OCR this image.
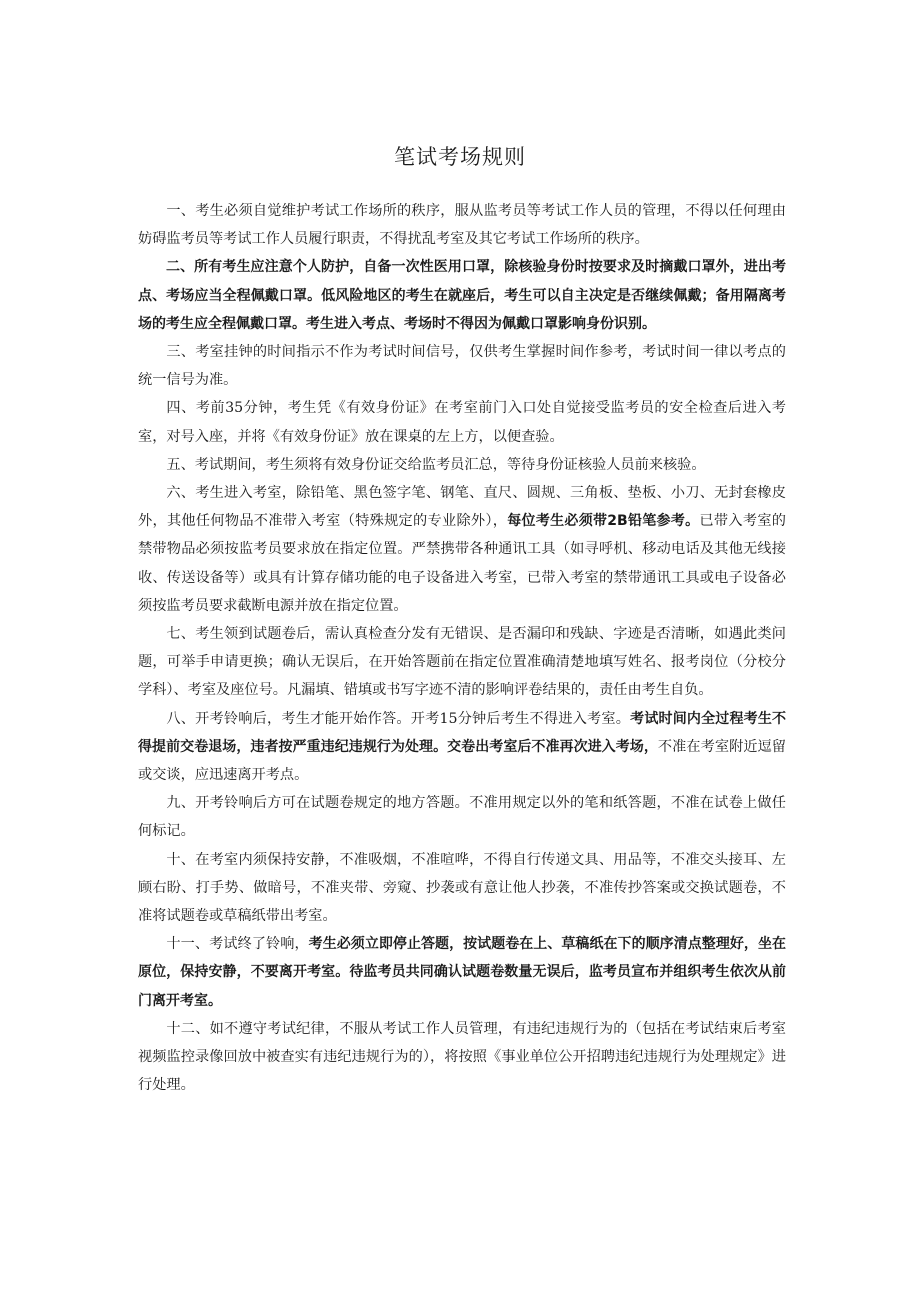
笔试考场规则

一、考生必须自觉维护考试工作场所的秩序，服从监考员等考试工作人员的管理，不得以任何理由妨碍监考员等考试工作人员履行职责，不得扰乱考室及其它考试工作场所的秩序。

二、所有考生应注意个人防护，自备一次性医用口罩，除核验身份时按要求及时摘戴口罩外，进出考点、考场应当全程佩戴口罩。低风险地区的考生在就座后，考生可以自主决定是否继续佩戴；备用隔离考场的考生应全程佩戴口罩。考生进入考点、考场时不得因为佩戴口罩影响身份识别。

三、考室挂钟的时间指示不作为考试时间信号，仅供考生掌握时间作参考，考试时间一律以考点的统一信号为准。

四、考前35分钟，考生凭《有效身份证》在考室前门入口处自觉接受监考员的安全检查后进入考室，对号入座，并将《有效身份证》放在课桌的左上方，以便查验。

五、考试期间，考生须将有效身份证交给监考员汇总，等待身份证核验人员前来核验。

六、考生进入考室，除铅笔、黑色签字笔、钢笔、直尺、圆规、三角板、垫板、小刀、无封套橡皮外，其他任何物品不准带入考室（特殊规定的专业除外），每位考生必须带2B铅笔参考。已带入考室的禁带物品必须按监考员要求放在指定位置。严禁携带各种通讯工具（如寻呼机、移动电话及其他无线接收、传送设备等）或具有计算存储功能的电子设备进入考室，已带入考室的禁带通讯工具或电子设备必须按监考员要求截断电源并放在指定位置。

七、考生领到试题卷后，需认真检查分发有无错误、是否漏印和残缺、字迹是否清晰，如遇此类问题，可举手申请更换；确认无误后，在开始答题前在指定位置准确清楚地填写姓名、报考岗位（分校分学科）、考室及座位号。凡漏填、错填或书写字迹不清的影响评卷结果的，责任由考生自负。

八、开考铃响后，考生才能开始作答。开考15分钟后考生不得进入考室。考试时间内全过程考生不得提前交卷退场，违者按严重违纪违规行为处理。交卷出考室后不准再次进入考场，不准在考室附近逗留或交谈，应迅速离开考点。

九、开考铃响后方可在试题卷规定的地方答题。不准用规定以外的笔和纸答题，不准在试卷上做任何标记。

十、在考室内须保持安静，不准吸烟，不准喧哗，不得自行传递文具、用品等，不准交头接耳、左顾右盼、打手势、做暗号，不准夹带、旁窥、抄袭或有意让他人抄袭，不准传抄答案或交换试题卷，不准将试题卷或草稿纸带出考室。

十一、考试终了铃响，考生必须立即停止答题，按试题卷在上、草稿纸在下的顺序清点整理好，坐在原位，保持安静，不要离开考室。待监考员共同确认试题卷数量无误后，监考员宣布并组织考生依次从前门离开考室。

十二、如不遵守考试纪律，不服从考试工作人员管理，有违纪违规行为的（包括在考试结束后考室视频监控录像回放中被查实有违纪违规行为的），将按照《事业单位公开招聘违纪违规行为处理规定》进行处理。
